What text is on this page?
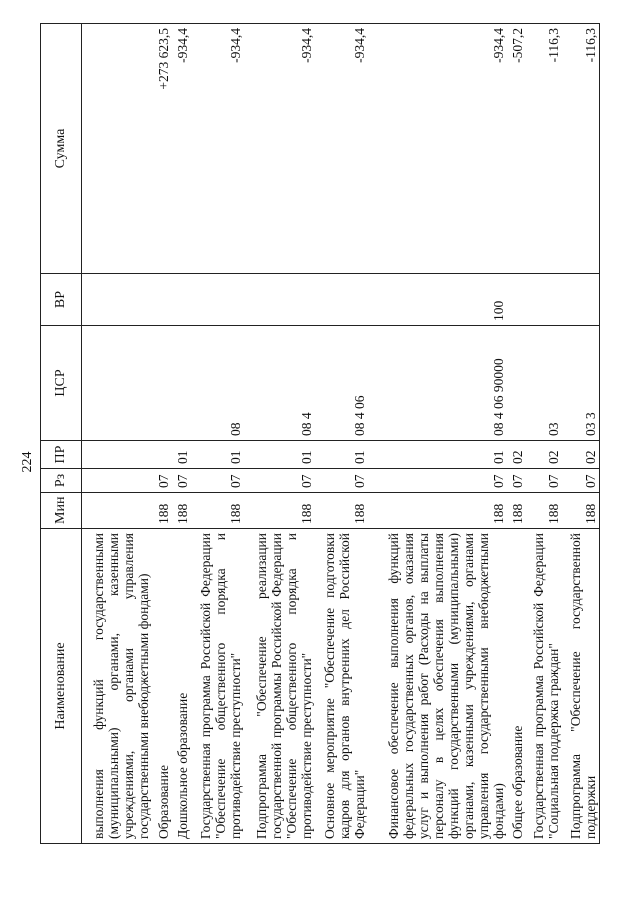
224
Наименование	Мин	Рз	ПР	ЦСР	ВР	Сумма
выполнения функций государственными (муниципальными) органами, казенными учреждениями, органами управления государственными внебюджетными фондами)						
Образование	188	07				+273 623,5
Дошкольное образование	188	07	01			-934,4
Государственная программа Российской Федерации "Обеспечение общественного порядка и противодействие преступности"	188	07	01	08		-934,4
Подпрограмма "Обеспечение реализации государственной программы Российской Федерации "Обеспечение общественного порядка и противодействие преступности"	188	07	01	08 4		-934,4
Основное мероприятие "Обеспечение подготовки кадров для органов внутренних дел Российской Федерации"	188	07	01	08 4 06		-934,4
Финансовое обеспечение выполнения функций федеральных государственных органов, оказания услуг и выполнения работ (Расходы на выплаты персоналу в целях обеспечения выполнения функций государственными (муниципальными) органами, казенными учреждениями, органами управления государственными внебюджетными фондами)	188	07	01	08 4 06 90000	100	-934,4
Общее образование	188	07	02			-507,2
Государственная программа Российской Федерации "Социальная поддержка граждан"	188	07	02	03		-116,3
Подпрограмма "Обеспечение государственной поддержки	188	07	02	03 3		-116,3
